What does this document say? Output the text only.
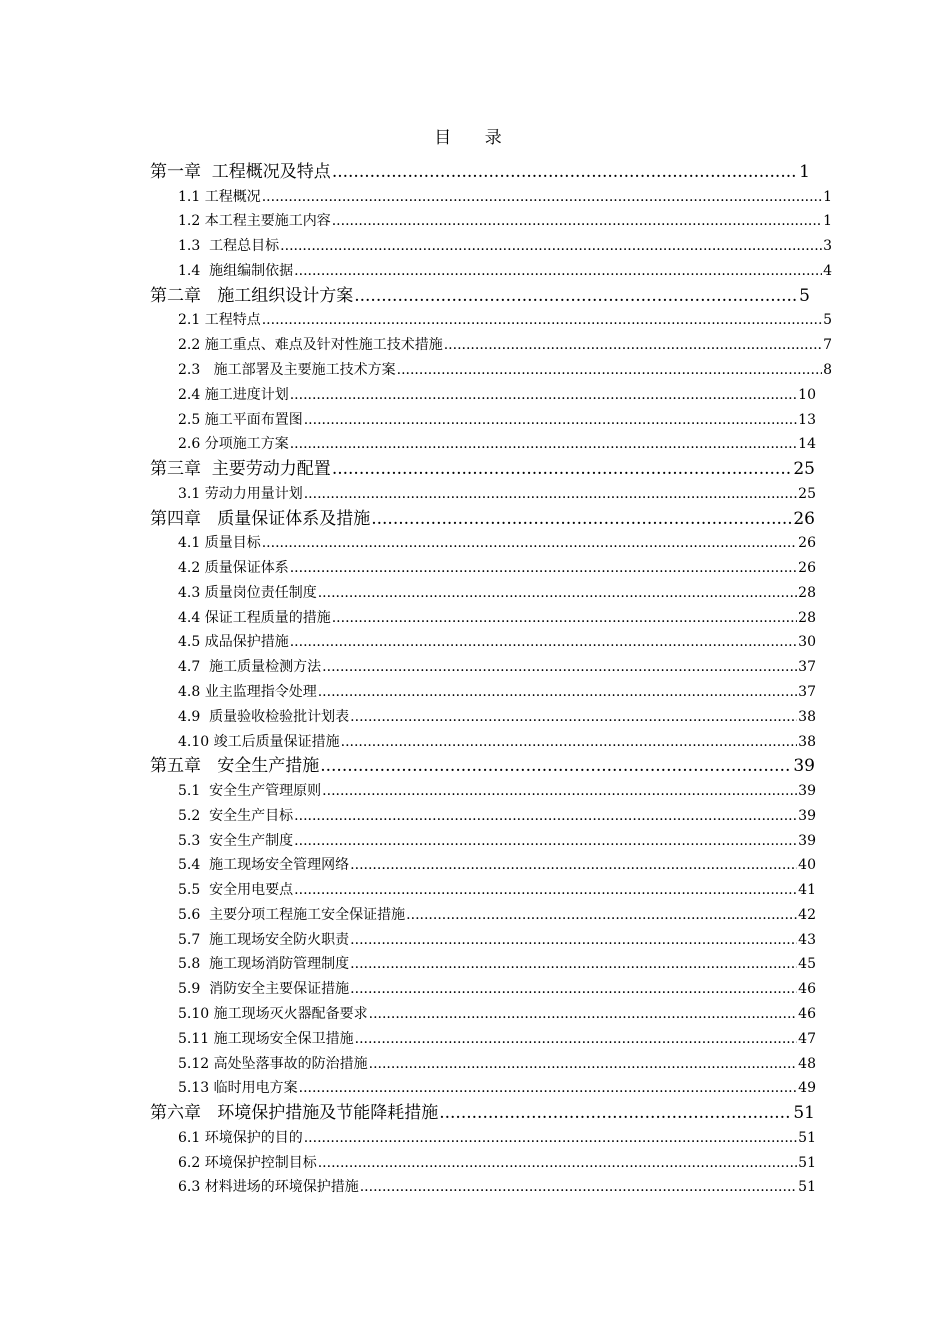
目 录
第一章  工程概况及特点 .....	1
1.1 工程概况 .....	1
1.2 本工程主要施工内容 .....	1
1.3  工程总目标 .....	3
1.4  施组编制依据 .....	4
第二章   施工组织设计方案 .....	5
2.1 工程特点 .....	5
2.2 施工重点、难点及针对性施工技术措施 .....	7
2.3   施工部署及主要施工技术方案 .....	8
2.4 施工进度计划 .....	10
2.5 施工平面布置图 .....	13
2.6 分项施工方案 .....	14
第三章  主要劳动力配置 .....	25
3.1 劳动力用量计划 .....	25
第四章   质量保证体系及措施 .....	26
4.1 质量目标 .....	26
4.2 质量保证体系 .....	26
4.3 质量岗位责任制度 .....	28
4.4 保证工程质量的措施 .....	28
4.5 成品保护措施 .....	30
4.7  施工质量检测方法 .....	37
4.8 业主监理指令处理 .....	37
4.9  质量验收检验批计划表 .....	38
4.10 竣工后质量保证措施 .....	38
第五章   安全生产措施 .....	39
5.1  安全生产管理原则 .....	39
5.2  安全生产目标 .....	39
5.3  安全生产制度 .....	39
5.4  施工现场安全管理网络 .....	40
5.5  安全用电要点 .....	41
5.6  主要分项工程施工安全保证措施 .....	42
5.7  施工现场安全防火职责 .....	43
5.8  施工现场消防管理制度 .....	45
5.9  消防安全主要保证措施 .....	46
5.10 施工现场灭火器配备要求 .....	46
5.11 施工现场安全保卫措施 .....	47
5.12 高处坠落事故的防治措施 .....	48
5.13 临时用电方案 .....	49
第六章   环境保护措施及节能降耗措施 .....	51
6.1 环境保护的目的 .....	51
6.2 环境保护控制目标 .....	51
6.3 材料进场的环境保护措施 .....	51
